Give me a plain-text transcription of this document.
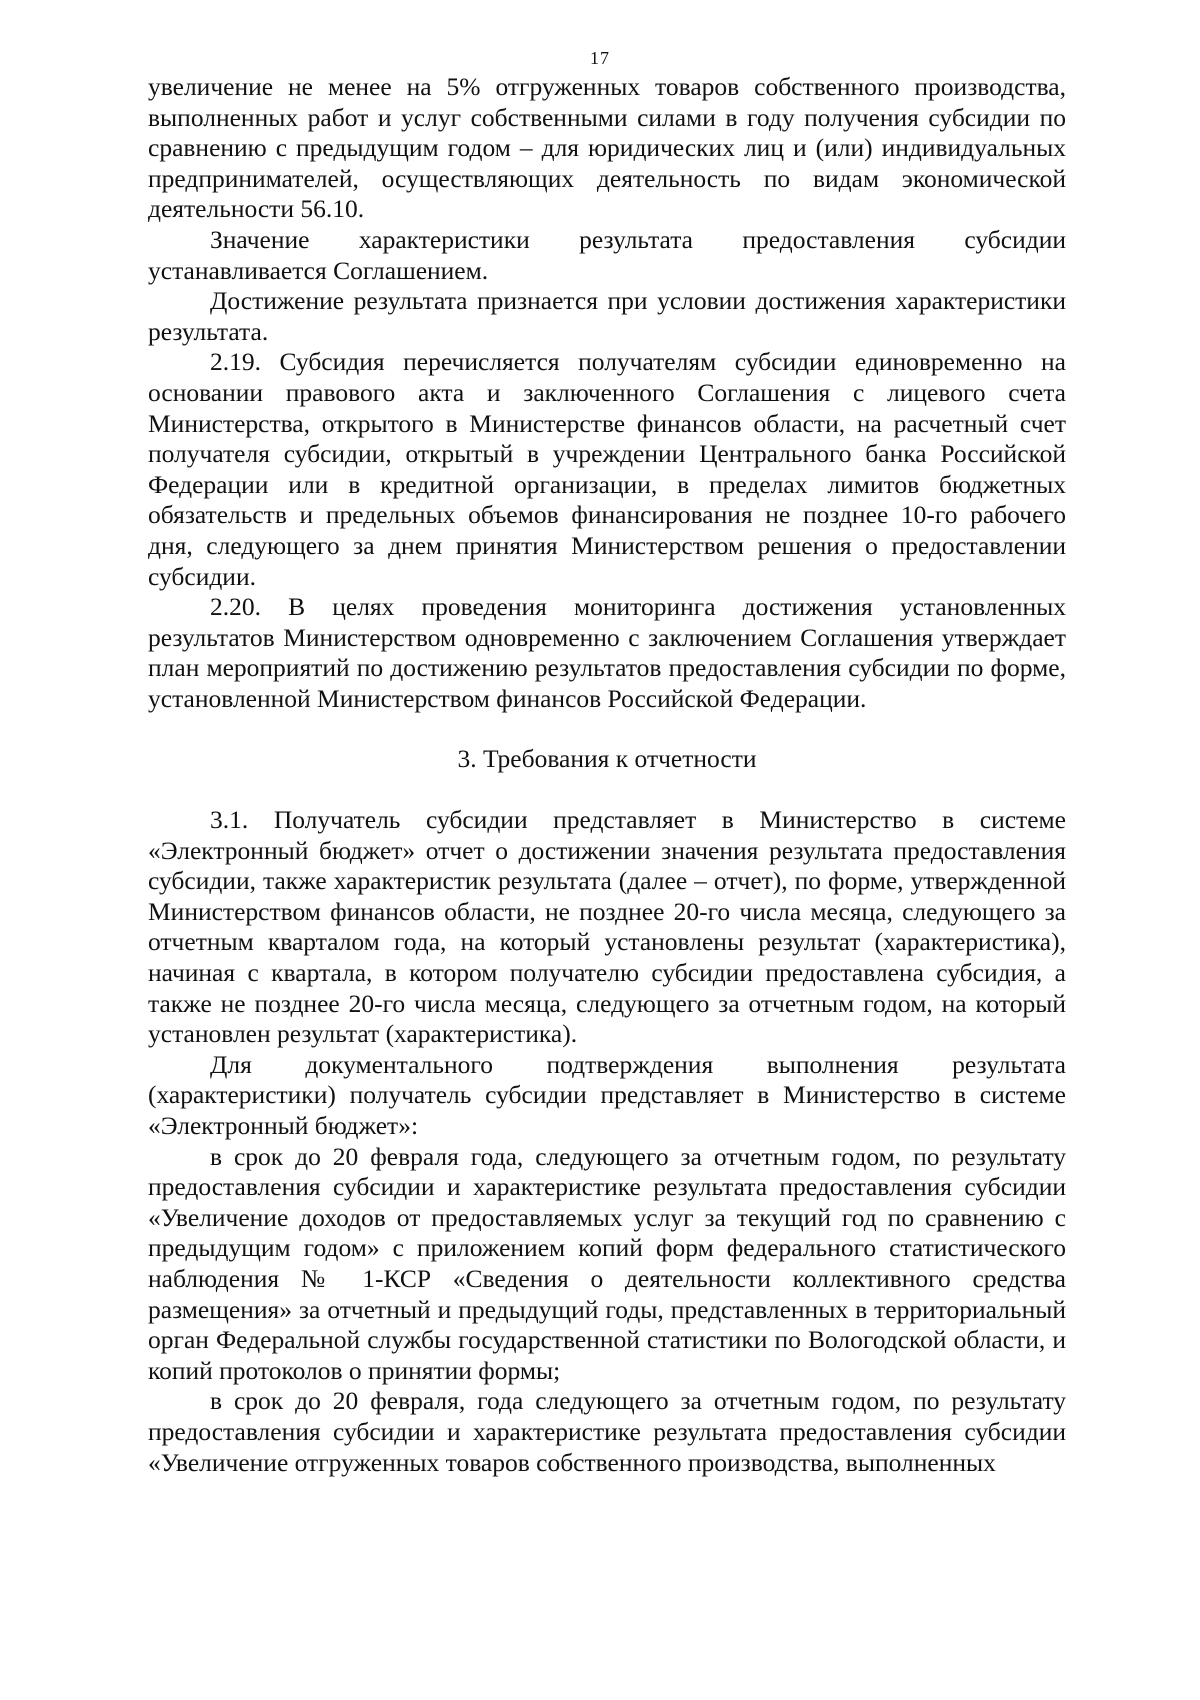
17

увеличение не менее на 5% отгруженных товаров собственного производства, выполненных работ и услуг собственными силами в году получения субсидии по сравнению с предыдущим годом – для юридических лиц и (или) индивидуальных предпринимателей, осуществляющих деятельность по видам экономической деятельности 56.10.

Значение характеристики результата предоставления субсидии устанавливается Соглашением.

Достижение результата признается при условии достижения характеристики результата.

2.19. Субсидия перечисляется получателям субсидии единовременно на основании правового акта и заключенного Соглашения с лицевого счета Министерства, открытого в Министерстве финансов области, на расчетный счет получателя субсидии, открытый в учреждении Центрального банка Российской Федерации или в кредитной организации, в пределах лимитов бюджетных обязательств и предельных объемов финансирования не позднее 10-го рабочего дня, следующего за днем принятия Министерством решения о предоставлении субсидии.

2.20. В целях проведения мониторинга достижения установленных результатов Министерством одновременно с заключением Соглашения утверждает план мероприятий по достижению результатов предоставления субсидии по форме, установленной Министерством финансов Российской Федерации.

3. Требования к отчетности

3.1. Получатель субсидии представляет в Министерство в системе «Электронный бюджет» отчет о достижении значения результата предоставления субсидии, также характеристик результата (далее – отчет), по форме, утвержденной Министерством финансов области, не позднее 20-го числа месяца, следующего за отчетным кварталом года, на который установлены результат (характеристика), начиная с квартала, в котором получателю субсидии предоставлена субсидия, а также не позднее 20-го числа месяца, следующего за отчетным годом, на который установлен результат (характеристика).

Для документального подтверждения выполнения результата (характеристики) получатель субсидии представляет в Министерство в системе «Электронный бюджет»:

в срок до 20 февраля года, следующего за отчетным годом, по результату предоставления субсидии и характеристике результата предоставления субсидии «Увеличение доходов от предоставляемых услуг за текущий год по сравнению с предыдущим годом» с приложением копий форм федерального статистического наблюдения № 1-КСР «Сведения о деятельности коллективного средства размещения» за отчетный и предыдущий годы, представленных в территориальный орган Федеральной службы государственной статистики по Вологодской области, и копий протоколов о принятии формы;

в срок до 20 февраля, года следующего за отчетным годом, по результату предоставления субсидии и характеристике результата предоставления субсидии «Увеличение отгруженных товаров собственного производства, выполненных
